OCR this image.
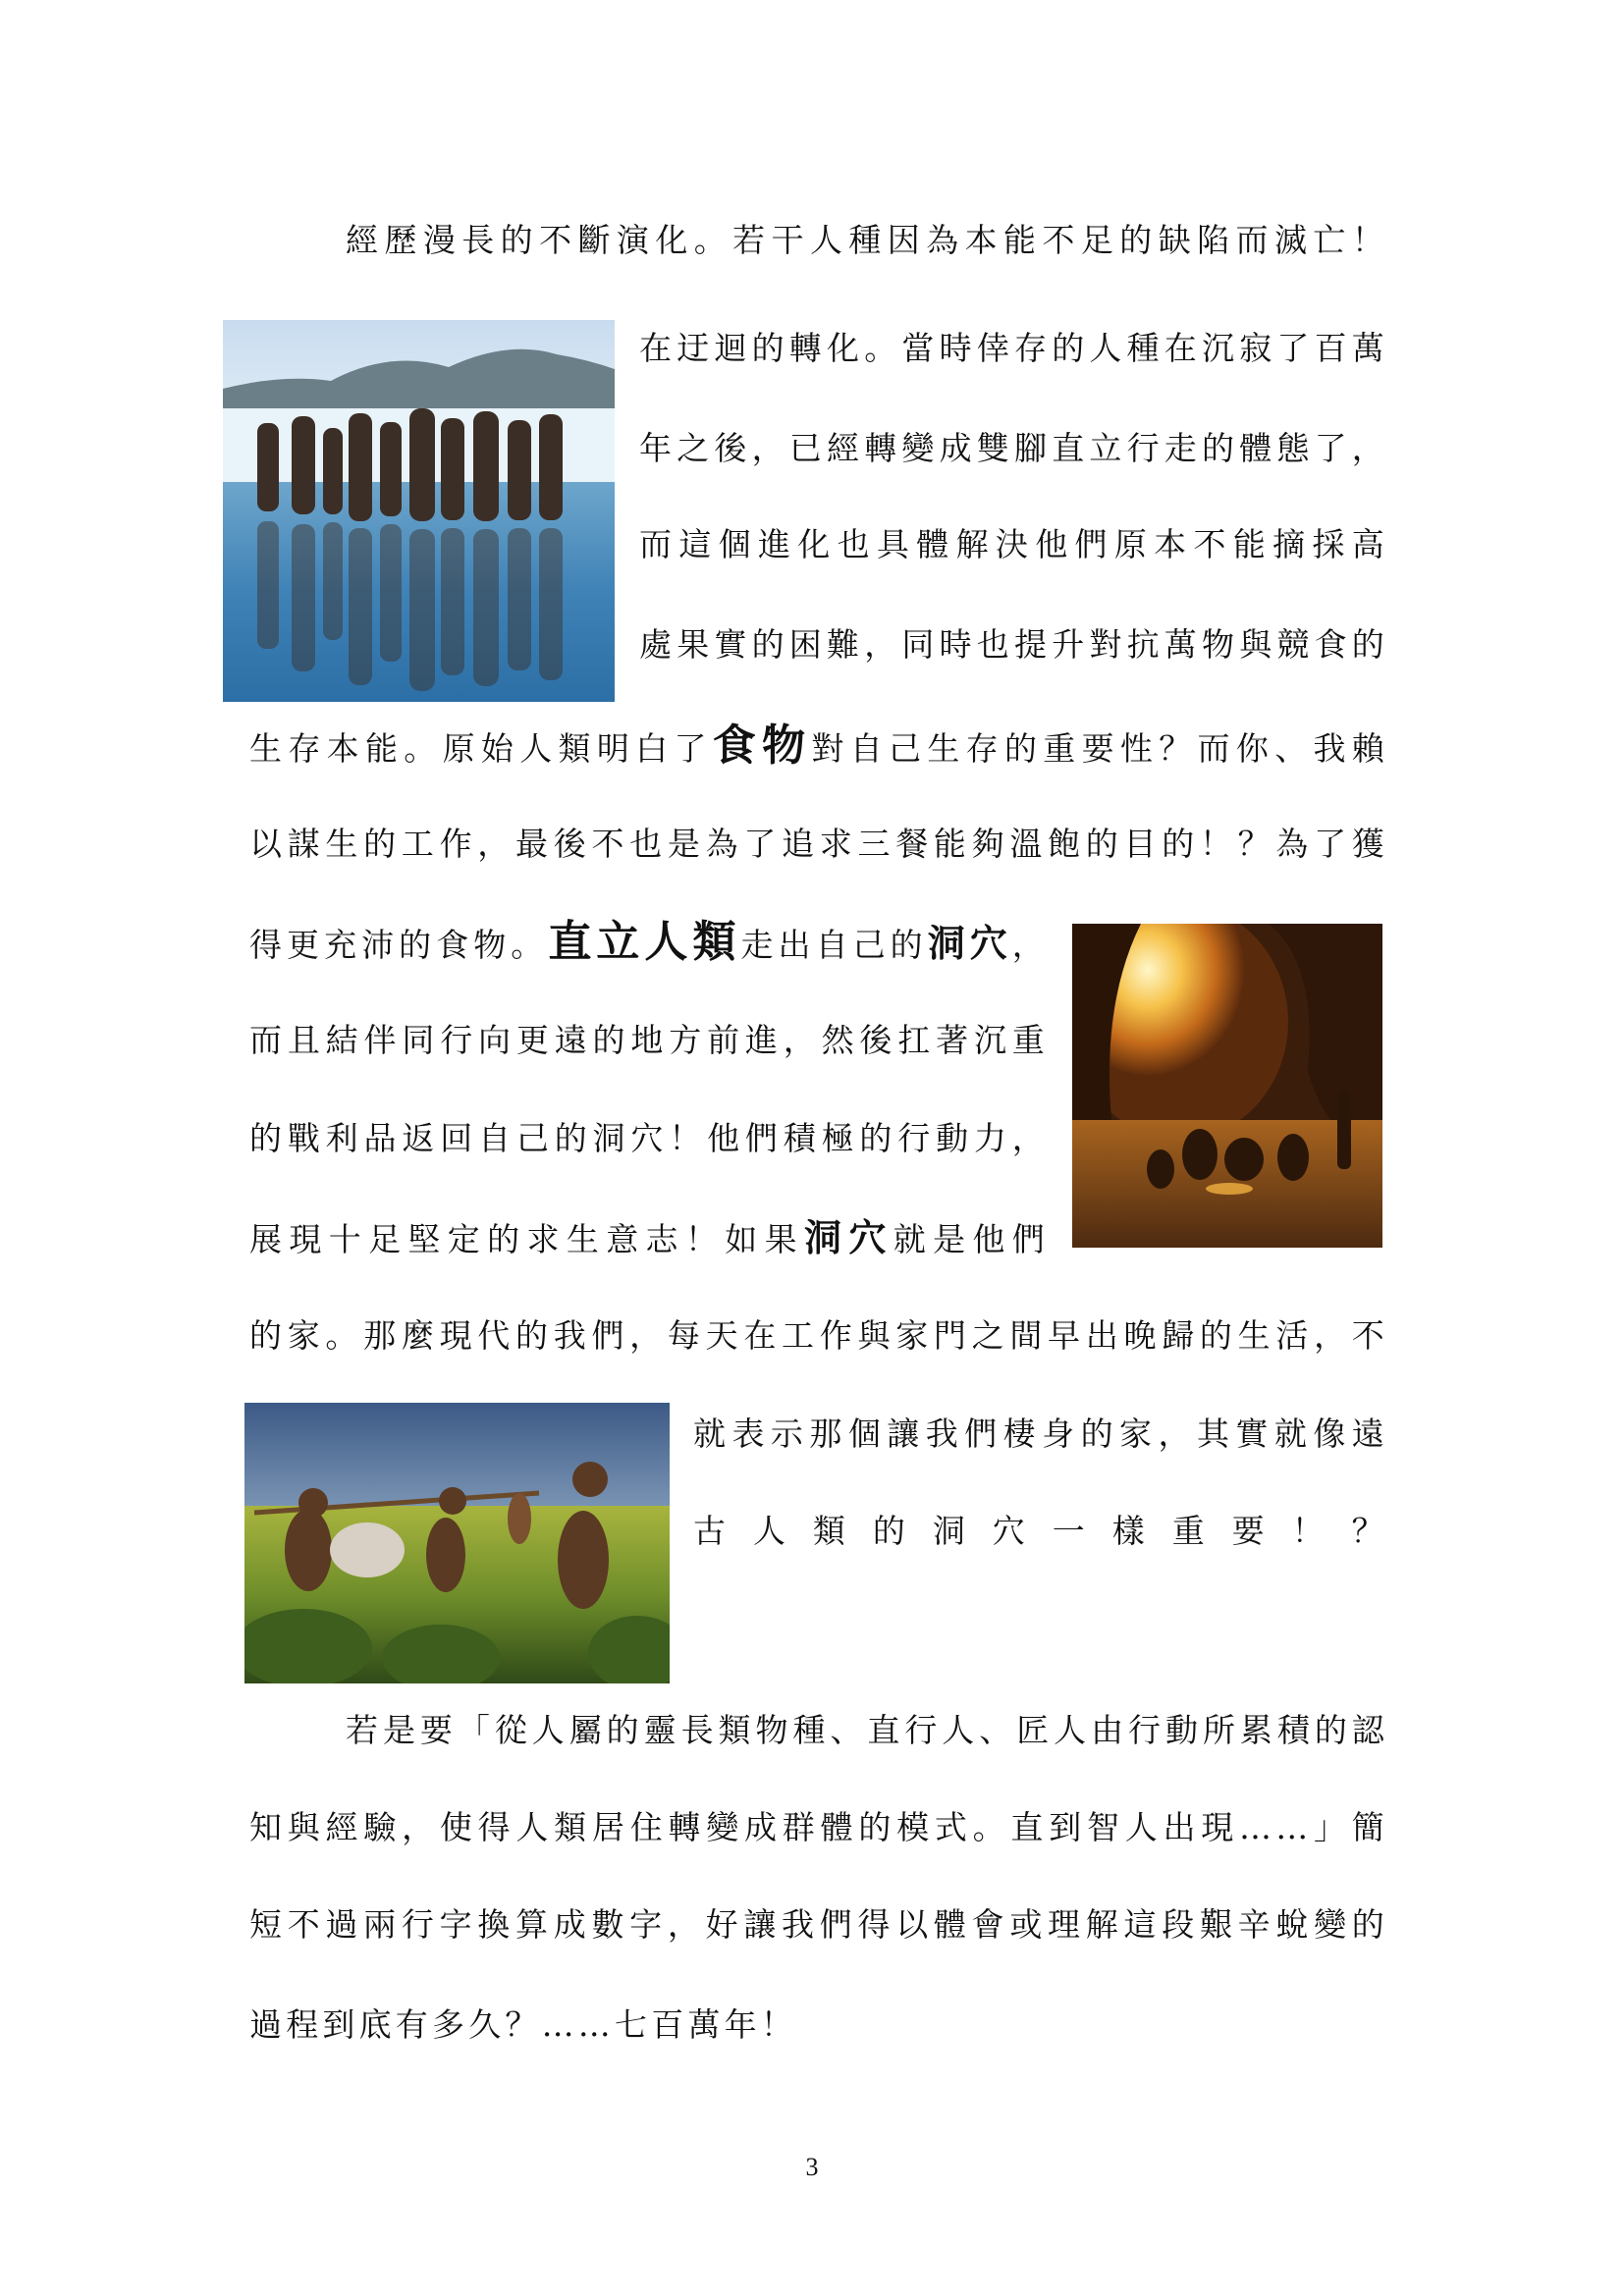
經歷漫長的不斷演化。若干人種因為本能不足的缺陷而滅亡！
在迂迴的轉化。當時倖存的人種在沉寂了百萬
年之後，已經轉變成雙腳直立行走的體態了，
而這個進化也具體解決他們原本不能摘採高
處果實的困難，同時也提升對抗萬物與競食的
生存本能。原始人類明白了食物對自己生存的重要性？而你、我賴
以謀生的工作，最後不也是為了追求三餐能夠溫飽的目的！？為了獲
得更充沛的食物。直立人類走出自己的洞穴，
而且結伴同行向更遠的地方前進，然後扛著沉重
的戰利品返回自己的洞穴！他們積極的行動力，
展現十足堅定的求生意志！如果洞穴就是他們
的家。那麼現代的我們，每天在工作與家門之間早出晚歸的生活，不
就表示那個讓我們棲身的家，其實就像遠
古人類的洞穴一樣重要！？
若是要「從人屬的靈長類物種、直行人、匠人由行動所累積的認
知與經驗，使得人類居住轉變成群體的模式。直到智人出現……」簡
短不過兩行字換算成數字，好讓我們得以體會或理解這段艱辛蛻變的
過程到底有多久？……七百萬年！
3
